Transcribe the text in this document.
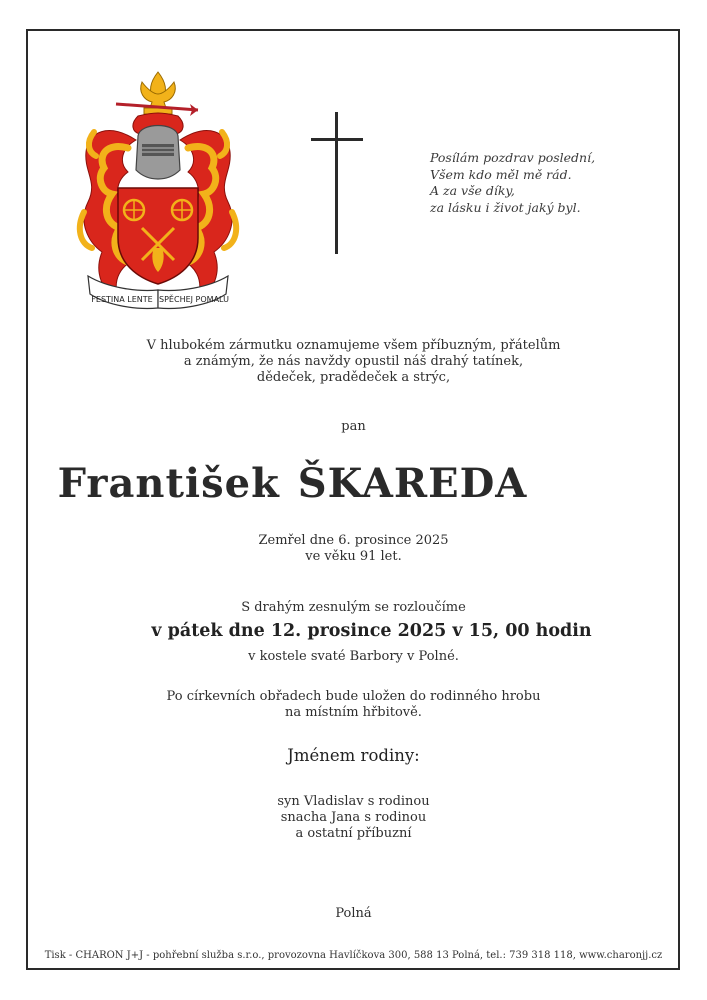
FESTINA LENTE SPĚCHEJ POMALU
Posílám pozdrav poslední,
Všem kdo měl mě rád.
A za vše díky,
za lásku i život jaký byl.
V hlubokém zármutku oznamujeme všem příbuzným, přátelům
a známým, že nás navždy opustil náš drahý tatínek,
dědeček, pradědeček a strýc,
pan
František ŠKAREDA
Zemřel dne 6. prosince 2025
ve věku 91 let.
S drahým zesnulým se rozloučíme
v pátek dne 12. prosince 2025 v 15, 00 hodin
v kostele svaté Barbory v Polné.
Po církevních obřadech bude uložen do rodinného hrobu
na místním hřbitově.
Jménem rodiny:
syn Vladislav s rodinou
snacha Jana s rodinou
a ostatní příbuzní
Polná
Tisk - CHARON J+J - pohřební služba s.r.o., provozovna Havlíčkova 300, 588 13 Polná, tel.: 739 318 118, www.charonjj.cz
